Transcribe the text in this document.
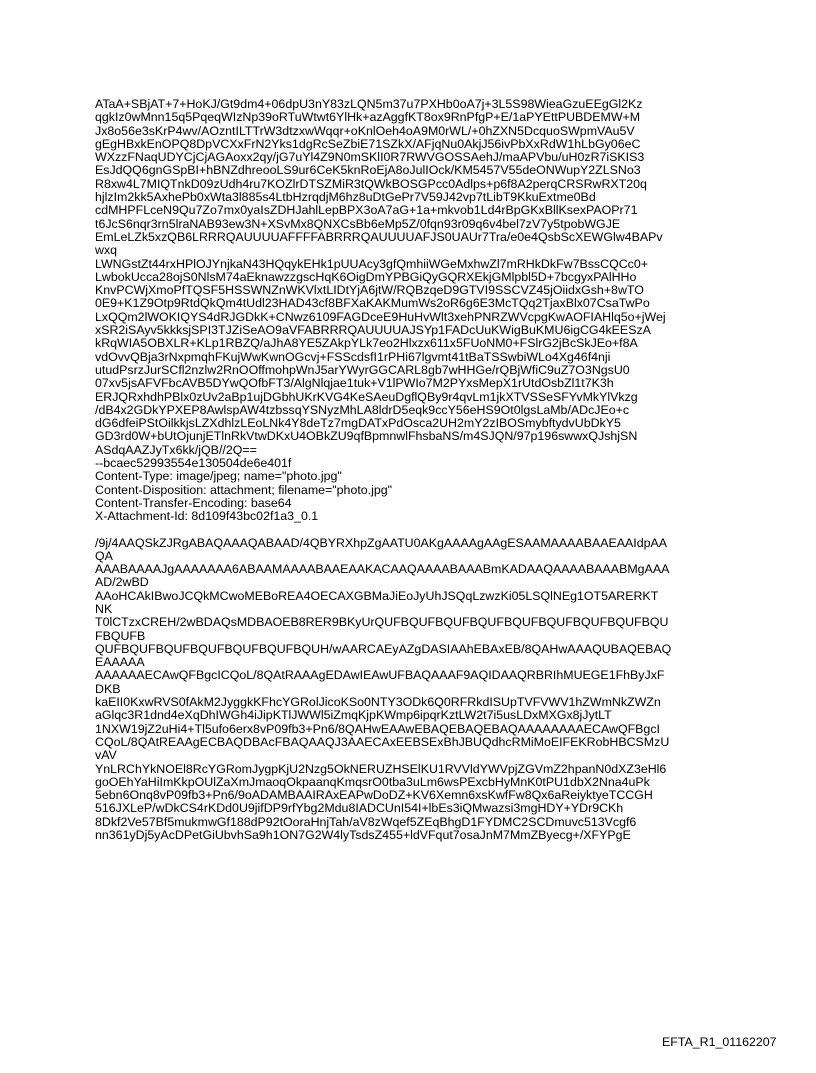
ATaA+SBjAT+7+HoKJ/Gt9dm4+06dpU3nY83zLQN5m37u7PXHb0oA7j+3L5S98WieaGzuEEgGl2Kz
qgkIz0wMnn15q5PqeqWIzNp39oRTuWtwt6YlHk+azAggfKT8ox9RnPfgP+E/1aPYEttPUBDEMW+M
Jx8o56e3sKrP4wv/AOzntILTTrW3dtzxwWqqr+oKnlOeh4oA9M0rWL/+0hZXN5DcquoSWpmVAu5V
gEgHBxkEnOPQ8DpVCXxFrN2Yks1dgRcSeZbiE71SZkX/AFjqNu0AkjJ56ivPbXxRdW1hLbGy06eC
WXzzFNaqUDYCjCjAGAoxx2qy/jG7uYl4Z9N0mSKlI0R7RWVGOSSAehJ/maAPVbu/uH0zR7iSKIS3
EsJdQQ6gnGSpBI+hBNZdhreooLS9ur6CeK5knRoEjA8oJulIOck/KM5457V55deONWupY2ZLSNo3
R8xw4L7MIQTnkD09zUdh4ru7KOZlrDTSZMiR3tQWkBOSGPcc0Adlps+p6f8A2perqCRSRwRXT20q
hjlzIm2kk5AxhePb0xWta3l885s4LtbHzrqdjM6hz8uDtGePr7V59J42vp7tLibT9KkuExtme0Bd
cdMHPFLceN9Qu7Zo7mx0yaIsZDHJahlLepBPX3oA7aG+1a+mkvob1Ld4rBpGKxBllKsexPAOPr71
t6JcS6nqr3rn5lraNAB93ew3N+XSvMx8QNXCsBb6eMp5Z/0fqn93r09q6v4bel7zV7y5tpobWGJE
EmLeLZk5xzQB6LRRRQAUUUUAFFFFABRRRQAUUUUAFJS0UAUr7Tra/e0e4QsbScXEWGlw4BAPv
wxq
LWNGstZt44rxHPlOJYnjkaN43HQqykEHk1pUUAcy3gfQmhiiWGeMxhwZl7mRHkDkFw7BssCQCc0+
LwbokUcca28ojS0NlsM74aEknawzzgscHqK6OigDmYPBGiQyGQRXEkjGMlpbl5D+7bcgyxPAlHHo
KnvPCWjXmoPfTQSF5HSSWNZnWKVlxtLIDtYjA6jtW/RQBzqeD9GTVI9SSCVZ45jOiidxGsh+8wTO
0E9+K1Z9Otp9RtdQkQm4tUdl23HAD43cf8BFXaKAKMumWs2oR6g6E3McTQq2TjaxBlx07CsaTwPo
LxQQm2lWOKIQYS4dRJGDkK+CNwz6109FAGDceE9HuHvWlt3xehPNRZWVcpgKwAOFIAHlq5o+jWej
xSR2iSAyv5kkksjSPI3TJZiSeAO9aVFABRRRQAUUUUAJSYp1FADcUuKWigBuKMU6igCG4kEESzA
kRqWIA5OBXLR+KLp1RBZQ/aJhA8YE5ZAkpYLk7eo2Hlxzx611x5FUoNM0+FSlrG2jBcSkJEo+f8A
vdOvvQBja3rNxpmqhFKujWwKwnOGcvj+FSScdsfI1rPHi67lgvmt41tBaTSSwbiWLo4Xg46f4nji
utudPsrzJurSCfl2nzlw2RnOOffmohpWnJ5arYWyrGGCARL8gb7wHHGe/rQBjWfiC9uZ7O3NgsU0
07xv5jsAFVFbcAVB5DYwQOfbFT3/AlgNlqjae1tuk+V1lPWIo7M2PYxsMepX1rUtdOsbZl1t7K3h
ERJQRxhdhPBlx0zUv2aBp1ujDGbhUKrKVG4KeSAeuDgflQBy9r4qvLm1jkXTVSSeSFYvMkYlVkzg
/dB4x2GDkYPXEP8AwlspAW4tzbssqYSNyzMhLA8ldrD5eqk9ccY56eHS9Ot0lgsLaMb/ADcJEo+c
dG6dfeiPStOilkkjsLZXdhlzLEoLNk4Y8deTz7mgDATxPdOsca2UH2mY2zIBOSmybftydvUbDkY5
GD3rd0W+bUtOjunjETlnRkVtwDKxU4OBkZU9qfBpmnwlFhsbaNS/m4SJQN/97p196swwxQJshjSN
ASdqAAZJyTx6kk/jQB//2Q==
--bcaec52993554e130504de6e401f
Content-Type: image/jpeg; name="photo.jpg"
Content-Disposition: attachment; filename="photo.jpg"
Content-Transfer-Encoding: base64
X-Attachment-Id: 8d109f43bc02f1a3_0.1
/9j/4AAQSkZJRgABAQAAAQABAAD/4QBYRXhpZgAATU0AKgAAAAgAAgESAAMAAAABAAEAAIdpAA
QA
AAABAAAAJgAAAAAAA6ABAAMAAAABAAEAAKACAAQAAAABAAABmKADAAQAAAABAAABMgAAA
AD/2wBD
AAoHCAkIBwoJCQkMCwoMEBoREA4OECAXGBMaJiEoJyUhJSQqLzwzKi05LSQlNEg1OT5ARERKT
NK
T0lCTzxCREH/2wBDAQsMDBAOEB8RER9BKyUrQUFBQUFBQUFBQUFBQUFBQUFBQUFBQUFBQU
FBQUFB
QUFBQUFBQUFBQUFBQUFBQUFBQUH/wAARCAEyAZgDASIAAhEBAxEB/8QAHwAAAQUBAQEBAQ
EAAAAA
AAAAAAECAwQFBgcICQoL/8QAtRAAAgEDAwIEAwUFBAQAAAF9AQIDAAQRBRIhMUEGE1FhByJxF
DKB
kaEII0KxwRVS0fAkM2JyggkKFhcYGRolJicoKSo0NTY3ODk6Q0RFRkdISUpTVFVWV1hZWmNkZWZn
aGlqc3R1dnd4eXqDhIWGh4iJipKTlJWWl5iZmqKjpKWmp6ipqrKztLW2t7i5usLDxMXGx8jJytLT
1NXW19jZ2uHi4+Tl5ufo6erx8vP09fb3+Pn6/8QAHwEAAwEBAQEBAQEBAQAAAAAAAAECAwQFBgcI
CQoL/8QAtREAAgECBAQDBAcFBAQAAQJ3AAECAxEEBSExBhJBUQdhcRMiMoEIFEKRobHBCSMzU
vAV
YnLRChYkNOEl8RcYGRomJygpKjU2Nzg5OkNERUZHSElKU1RVVldYWVpjZGVmZ2hpanN0dXZ3eHl6
goOEhYaHiImKkpOUlZaXmJmaoqOkpaanqKmqsrO0tba3uLm6wsPExcbHyMnK0tPU1dbX2Nna4uPk
5ebn6Onq8vP09fb3+Pn6/9oADAMBAAIRAxEAPwDoDZ+KV6Xemn6xsKwfFw8Qx6aReiyktyeTCCGH
516JXLeP/wDkCS4rKDd0U9jifDP9rfYbg2Mdu8IADCUnI54I+lbEs3iQMwazsi3mgHDY+YDr9CKh
8Dkf2Ve57Bf5mukmwGf188dP92tOoraHnjTah/aV8zWqef5ZEqBhgD1FYDMC2SCDmuvc513Vcgf6
nn361yDj5yAcDPetGiUbvhSa9h1ON7G2W4lyTsdsZ455+ldVFqut7osaJnM7MmZByecg+/XFYPgE
EFTA_R1_01162207
